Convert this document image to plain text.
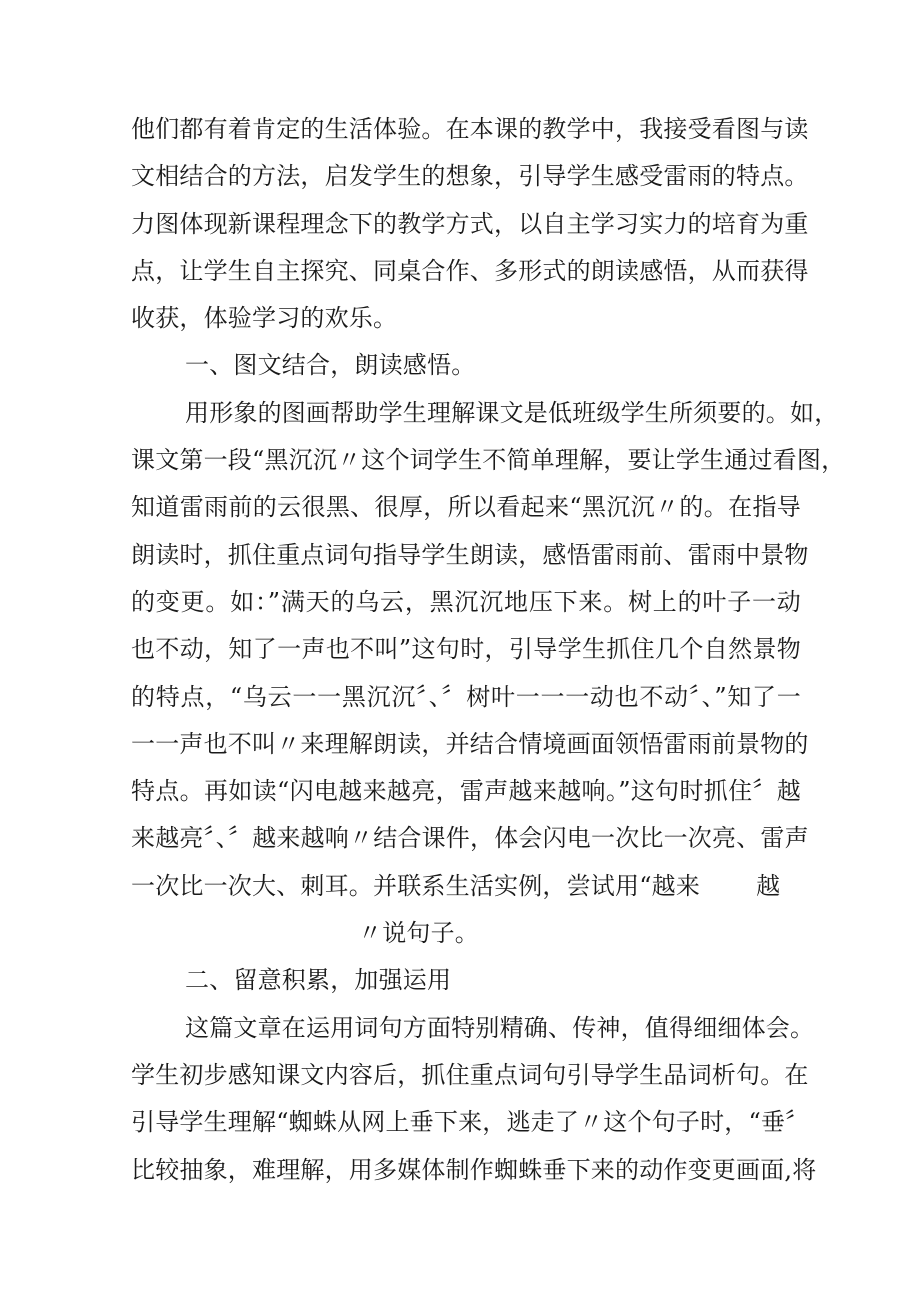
他们都有着肯定的生活体验。在本课的教学中，我接受看图与读
文相结合的方法，启发学生的想象，引导学生感受雷雨的特点。
力图体现新课程理念下的教学方式，以自主学习实力的培育为重
点，让学生自主探究、同桌合作、多形式的朗读感悟，从而获得
收获，体验学习的欢乐。
一、图文结合，朗读感悟。
用形象的图画帮助学生理解课文是低班级学生所须要的。如，
课文第一段“黑沉沉〃这个词学生不简单理解，要让学生通过看图，
知道雷雨前的云很黑、很厚，所以看起来“黑沉沉〃的。在指导
朗读时，抓住重点词句指导学生朗读，感悟雷雨前、雷雨中景物
的变更。如：”满天的乌云，黑沉沉地压下来。树上的叶子一动
也不动，知了一声也不叫”这句时，引导学生抓住几个自然景物
的特点，“乌云一一黑沉沉〞、〞树叶一一一动也不动〞、”知了一
一一声也不叫〃来理解朗读，并结合情境画面领悟雷雨前景物的
特点。再如读“闪电越来越亮，雷声越来越响。”这句时抓住〞越
来越亮〞、〞越来越响〃结合课件，体会闪电一次比一次亮、雷声
一次比一次大、刺耳。并联系生活实例，尝试用“越来 越
〃说句子。
二、留意积累，加强运用
这篇文章在运用词句方面特别精确、传神，值得细细体会。
学生初步感知课文内容后，抓住重点词句引导学生品词析句。在
引导学生理解“蜘蛛从网上垂下来，逃走了〃这个句子时，“垂〞
比较抽象，难理解，用多媒体制作蜘蛛垂下来的动作变更画面,将
